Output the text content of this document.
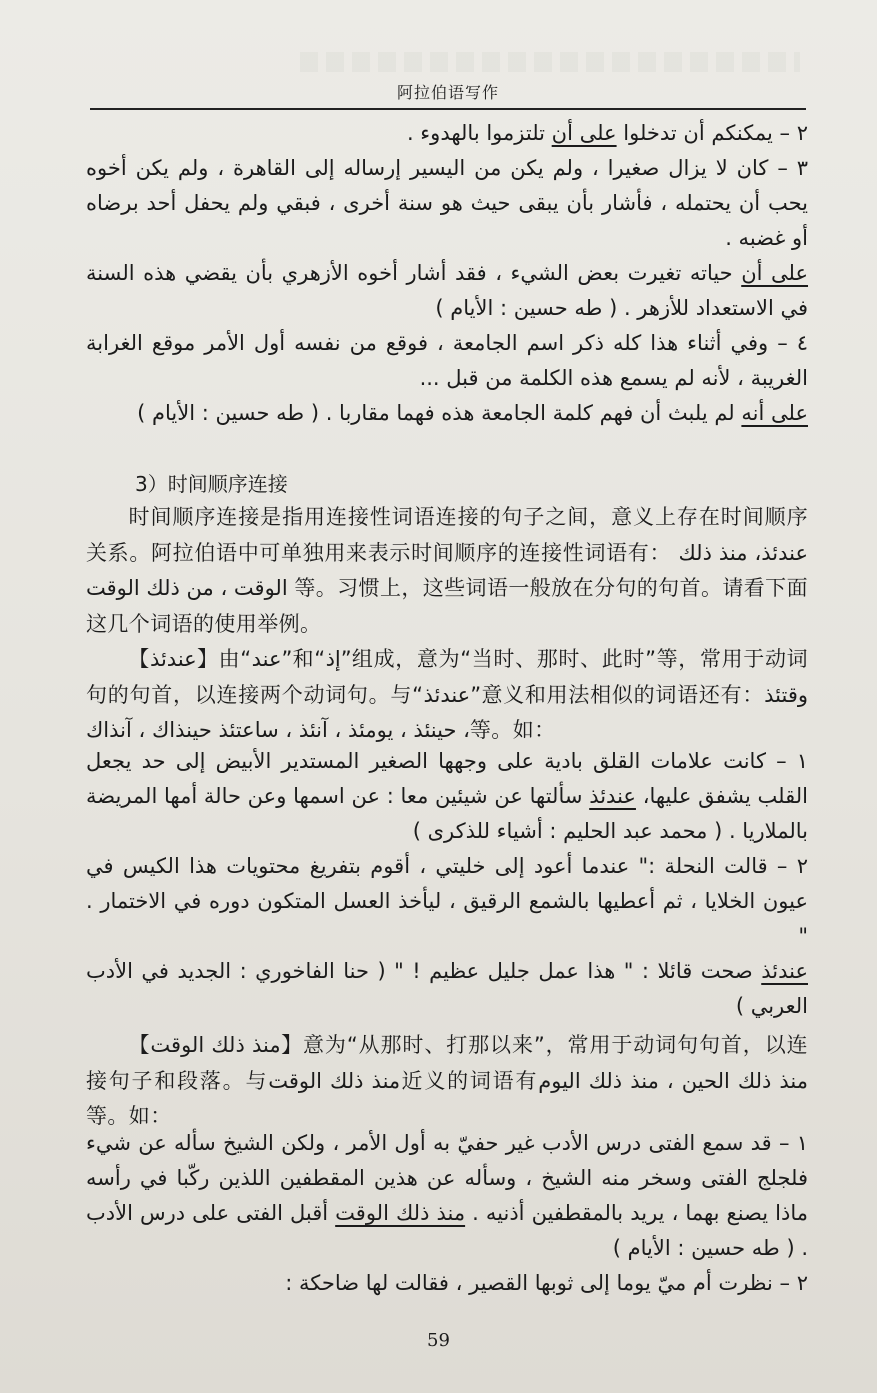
阿拉伯语写作

٢ – يمكنكم أن تدخلوا على أن تلتزموا بالهدوء .

٣ – كان لا يزال صغيرا ، ولم يكن من اليسير إرساله إلى القاهرة ، ولم يكن أخوه يحب أن يحتمله ، فأشار بأن يبقى حيث هو سنة أخرى ، فبقي ولم يحفل أحد برضاه أو غضبه .

على أن حياته تغيرت بعض الشيء ، فقد أشار أخوه الأزهري بأن يقضي هذه السنة في الاستعداد للأزهر . ( طه حسين : الأيام )

٤ – وفي أثناء هذا كله ذكر اسم الجامعة ، فوقع من نفسه أول الأمر موقع الغرابة الغريبة ، لأنه لم يسمع هذه الكلمة من قبل ...

على أنه لم يلبث أن فهم كلمة الجامعة هذه فهما مقاربا . ( طه حسين : الأيام )

3）时间顺序连接

时间顺序连接是指用连接性词语连接的句子之间，意义上存在时间顺序关系。阿拉伯语中可单独用来表示时间顺序的连接性词语有：	عندئذ، منذ ذلك الوقت ، من ذلك الوقت 等。习惯上，这些词语一般放在分句的句首。请看下面这几个词语的使用举例。

【عندئذ】由“عند”和“إذ”组成，意为“当时、那时、此时”等，常用于动词句的句首，以连接两个动词句。与“عندئذ”意义和用法相似的词语还有：وقتئذ ، حينئذ ، يومئذ ، آنئذ ، ساعتئذ حينذاك ، آنذاك等。如：

١ – كانت علامات القلق بادية على وجهها الصغير المستدير الأبيض إلى حد يجعل القلب يشفق عليها، عندئذ سألتها عن شيئين معا : عن اسمها وعن حالة أمها المريضة بالملاريا . ( محمد عبد الحليم : أشياء للذكرى )

٢ – قالت النحلة :" عندما أعود إلى خليتي ، أقوم بتفريغ محتويات هذا الكيس في عيون الخلايا ، ثم أعطيها بالشمع الرقيق ، ليأخذ العسل المتكون دوره في الاختمار . "

عندئذ صحت قائلا : " هذا عمل جليل عظيم ! " ( حنا الفاخوري : الجديد في الأدب العربي )

【منذ ذلك الوقت】意为“从那时、打那以来”，常用于动词句句首，以连接句子和段落。与منذ ذلك الوقت近义的词语有منذ ذلك الحين ، منذ ذلك اليوم等。如：

١ – قد سمع الفتى درس الأدب غير حفيّ به أول الأمر ، ولكن الشيخ سأله عن شيء فلجلج الفتى وسخر منه الشيخ ، وسأله عن هذين المقطفين اللذين ركّبا في رأسه ماذا يصنع بهما ، يريد بالمقطفين أذنيه . منذ ذلك الوقت أقبل الفتى على درس الأدب . ( طه حسين : الأيام )

٢ – نظرت أم ميّ يوما إلى ثوبها القصير ، فقالت لها ضاحكة :

59
